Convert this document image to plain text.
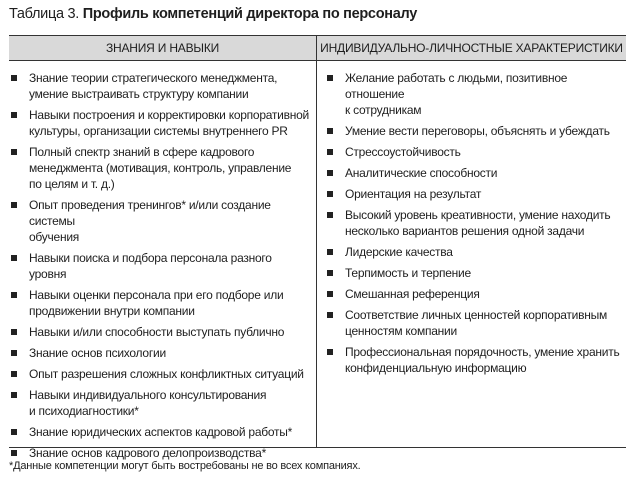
Таблица 3. Профиль компетенций директора по персоналу
ЗНАНИЯ И НАВЫКИ	ИНДИВИДУАЛЬНО-ЛИЧНОСТНЫЕ ХАРАКТЕРИСТИКИ
Знание теории стратегического менеджмента,
умение выстраивать структуру компании
Навыки построения и корректировки корпоративной
культуры, организации системы внутреннего PR
Полный спектр знаний в сфере кадрового
менеджмента (мотивация, контроль, управление
по целям и т. д.)
Опыт проведения тренингов* и/или создание системы
обучения
Навыки поиска и подбора персонала разного уровня
Навыки оценки персонала при его подборе или
продвижении внутри компании
Навыки и/или способности выступать публично
Знание основ психологии
Опыт разрешения сложных конфликтных ситуаций
Навыки индивидуального консультирования
и психодиагностики*
Знание юридических аспектов кадровой работы*
Знание основ кадрового делопроизводства*
Желание работать с людьми, позитивное отношение
к сотрудникам
Умение вести переговоры, объяснять и убеждать
Стрессоустойчивость
Аналитические способности
Ориентация на результат
Высокий уровень креативности, умение находить
несколько вариантов решения одной задачи
Лидерские качества
Терпимость и терпение
Смешанная референция
Соответствие личных ценностей корпоративным
ценностям компании
Профессиональная порядочность, умение хранить
конфиденциальную информацию
*Данные компетенции могут быть востребованы не во всех компаниях.
